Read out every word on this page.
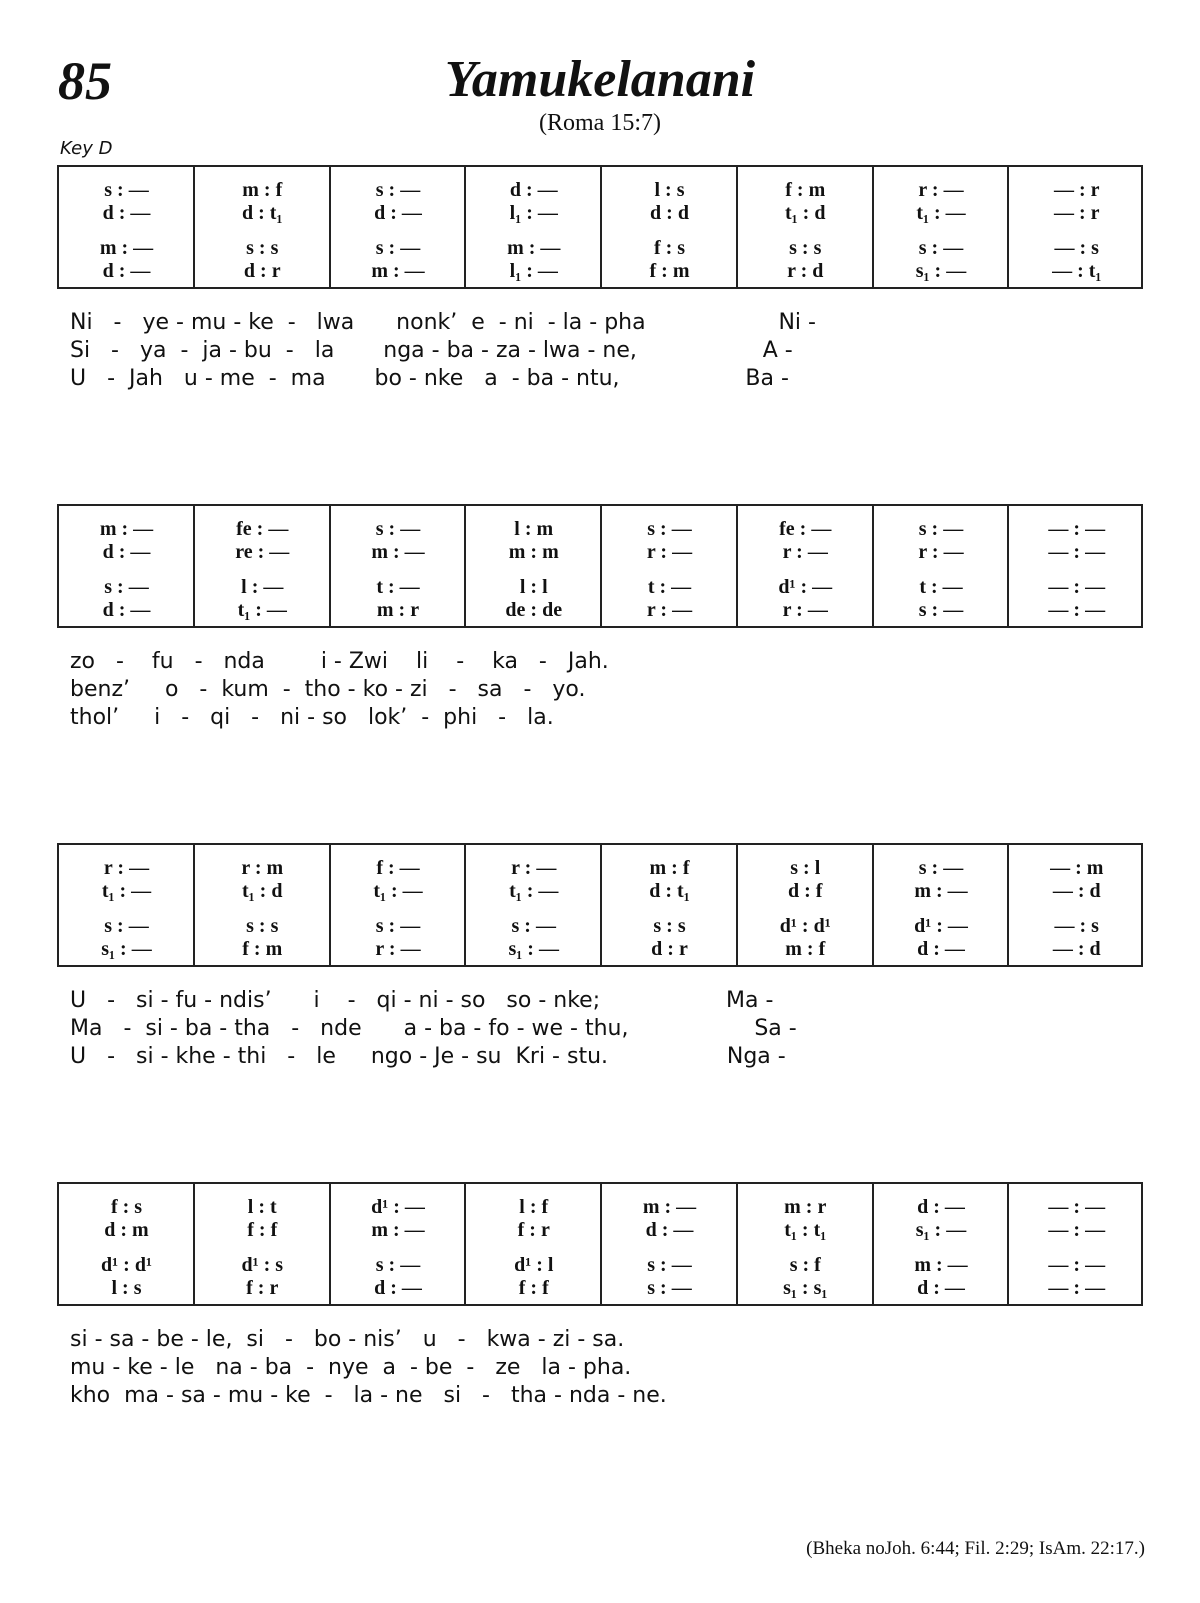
85	Yamukelanani
(Roma 15:7)
Key D
s : —
d : —
m : —
d : —
m : f
d : t₁
s : s
d : r
s : —
d : —
s : —
m : —
d : —
l₁ : —
m : —
l₁ : —
l : s
d : d
f : s
f : m
f : m
t₁ : d
s : s
r : d
r : —
t₁ : —
s : —
s₁ : —
— : r
— : r
— : s
— : t₁
Ni   -   ye - mu - ke  -   lwa      nonk’  e  - ni  - la - pha                   Ni -
Si   -   ya  -  ja - bu  -   la       nga - ba - za - lwa - ne,                  A -
U   -  Jah   u - me  -  ma       bo - nke   a  - ba - ntu,                  Ba -
m : —
d : —
s : —
d : —
fe : —
re : —
l : —
t₁ : —
s : —
m : —
t : —
m : r
l : m
m : m
l : l
de : de
s : —
r : —
t : —
r : —
fe : —
r : —
d¹ : —
r : —
s : —
r : —
t : —
s : —
— : —
— : —
— : —
— : —
zo   -    fu   -   nda        i - Zwi    li    -    ka   -   Jah.
benz’     o   -  kum  -  tho - ko - zi   -   sa   -   yo.
thol’     i   -   qi   -   ni - so   lok’  -  phi   -   la.
r : —
t₁ : —
s : —
s₁ : —
r : m
t₁ : d
s : s
f : m
f : —
t₁ : —
s : —
r : —
r : —
t₁ : —
s : —
s₁ : —
m : f
d : t₁
s : s
d : r
s : l
d : f
d¹ : d¹
m : f
s : —
m : —
d¹ : —
d : —
— : m
— : d
— : s
— : d
U   -   si - fu - ndis’      i    -   qi - ni - so   so - nke;                  Ma -
Ma   -  si - ba - tha   -   nde      a - ba - fo - we - thu,                  Sa -
U   -   si - khe - thi   -   le     ngo - Je - su  Kri - stu.                 Nga -
f : s
d : m
d¹ : d¹
l : s
l : t
f : f
d¹ : s
f : r
d¹ : —
m : —
s : —
d : —
l : f
f : r
d¹ : l
f : f
m : —
d : —
s : —
s : —
m : r
t₁ : t₁
s : f
s₁ : s₁
d : —
s₁ : —
m : —
d : —
— : —
— : —
— : —
— : —
si - sa - be - le,  si   -   bo - nis’   u   -   kwa - zi - sa.
mu - ke - le   na - ba  -  nye  a  - be  -   ze   la - pha.
kho  ma - sa - mu - ke  -   la - ne   si   -   tha - nda - ne.
(Bheka noJoh. 6:44; Fil. 2:29; IsAm. 22:17.)
